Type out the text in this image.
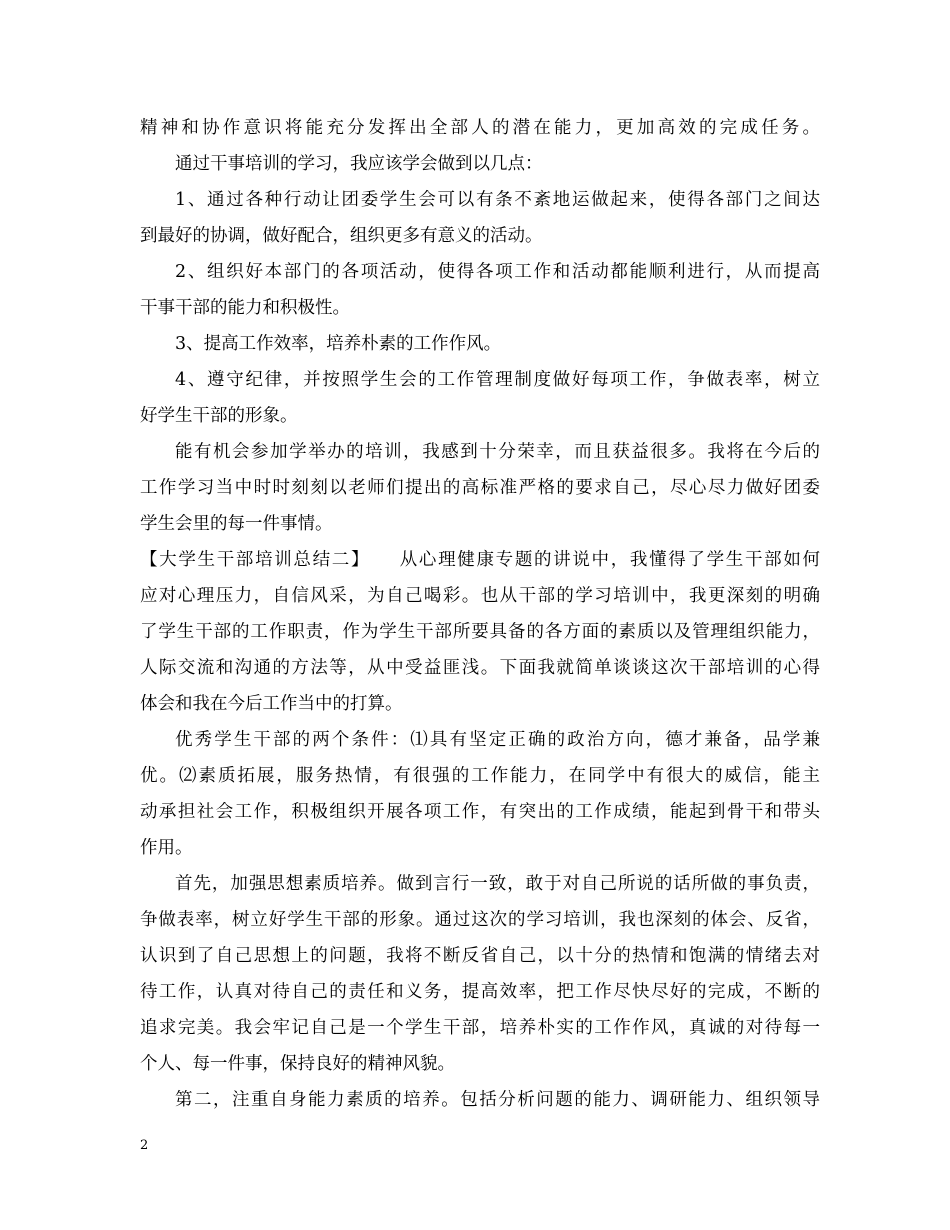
精神和协作意识将能充分发挥出全部人的潜在能力，更加高效的完成任务。
通过干事培训的学习，我应该学会做到以几点：
1、通过各种行动让团委学生会可以有条不紊地运做起来，使得各部门之间达
到最好的协调，做好配合，组织更多有意义的活动。
2、组织好本部门的各项活动，使得各项工作和活动都能顺利进行，从而提高
干事干部的能力和积极性。
3、提高工作效率，培养朴素的工作作风。
4、遵守纪律，并按照学生会的工作管理制度做好每项工作，争做表率，树立
好学生干部的形象。
能有机会参加学举办的培训，我感到十分荣幸，而且获益很多。我将在今后的
工作学习当中时时刻刻以老师们提出的高标准严格的要求自己，尽心尽力做好团委
学生会里的每一件事情。
【大学生干部培训总结二】　　从心理健康专题的讲说中，我懂得了学生干部如何
应对心理压力，自信风采，为自己喝彩。也从干部的学习培训中，我更深刻的明确
了学生干部的工作职责，作为学生干部所要具备的各方面的素质以及管理组织能力，
人际交流和沟通的方法等，从中受益匪浅。下面我就简单谈谈这次干部培训的心得
体会和我在今后工作当中的打算。
优秀学生干部的两个条件：⑴具有坚定正确的政治方向，德才兼备，品学兼
优。⑵素质拓展，服务热情，有很强的工作能力，在同学中有很大的威信，能主
动承担社会工作，积极组织开展各项工作，有突出的工作成绩，能起到骨干和带头
作用。
首先，加强思想素质培养。做到言行一致，敢于对自己所说的话所做的事负责，
争做表率，树立好学生干部的形象。通过这次的学习培训，我也深刻的体会、反省，
认识到了自己思想上的问题，我将不断反省自己，以十分的热情和饱满的情绪去对
待工作，认真对待自己的责任和义务，提高效率，把工作尽快尽好的完成，不断的
追求完美。我会牢记自己是一个学生干部，培养朴实的工作作风，真诚的对待每一
个人、每一件事，保持良好的精神风貌。
第二，注重自身能力素质的培养。包括分析问题的能力、调研能力、组织领导
2
